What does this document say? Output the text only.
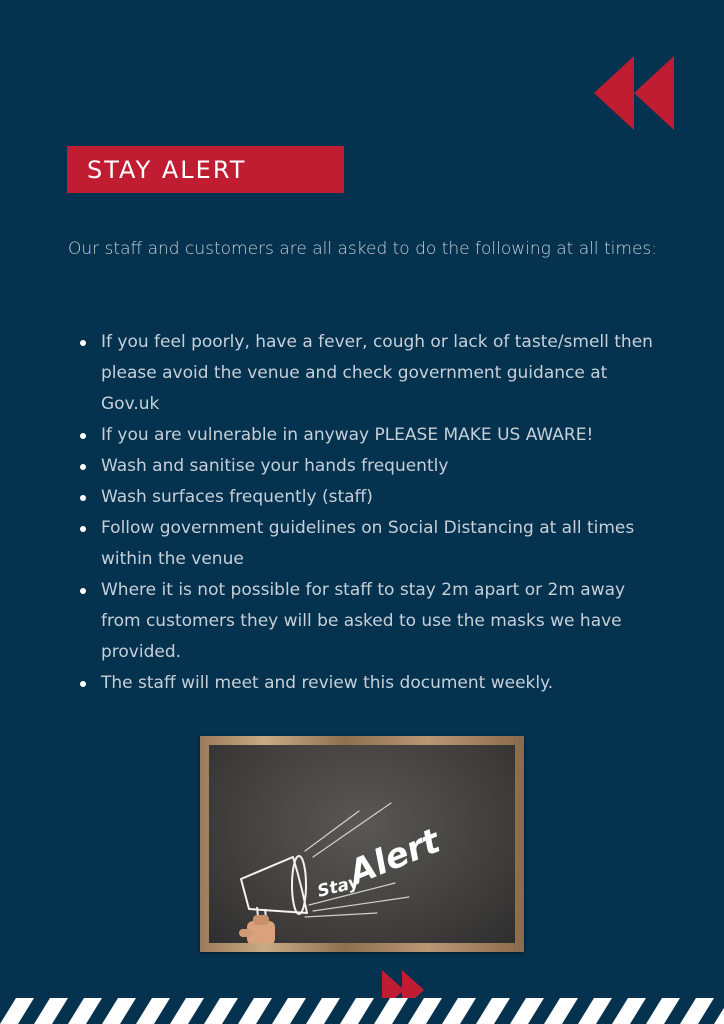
STAY ALERT

Our staff and customers are all asked to do the following at all times:

If you feel poorly, have a fever, cough or lack of taste/smell then please avoid the venue and check government guidance at Gov.uk
If you are vulnerable in anyway PLEASE MAKE US AWARE!
Wash and sanitise your hands frequently
Wash surfaces frequently (staff)
Follow government guidelines on Social Distancing at all times within the venue
Where it is not possible for staff to stay 2m apart or 2m away from customers they will be asked to use the masks we have provided.
The staff will meet and review this document weekly.
Stay
Alert
